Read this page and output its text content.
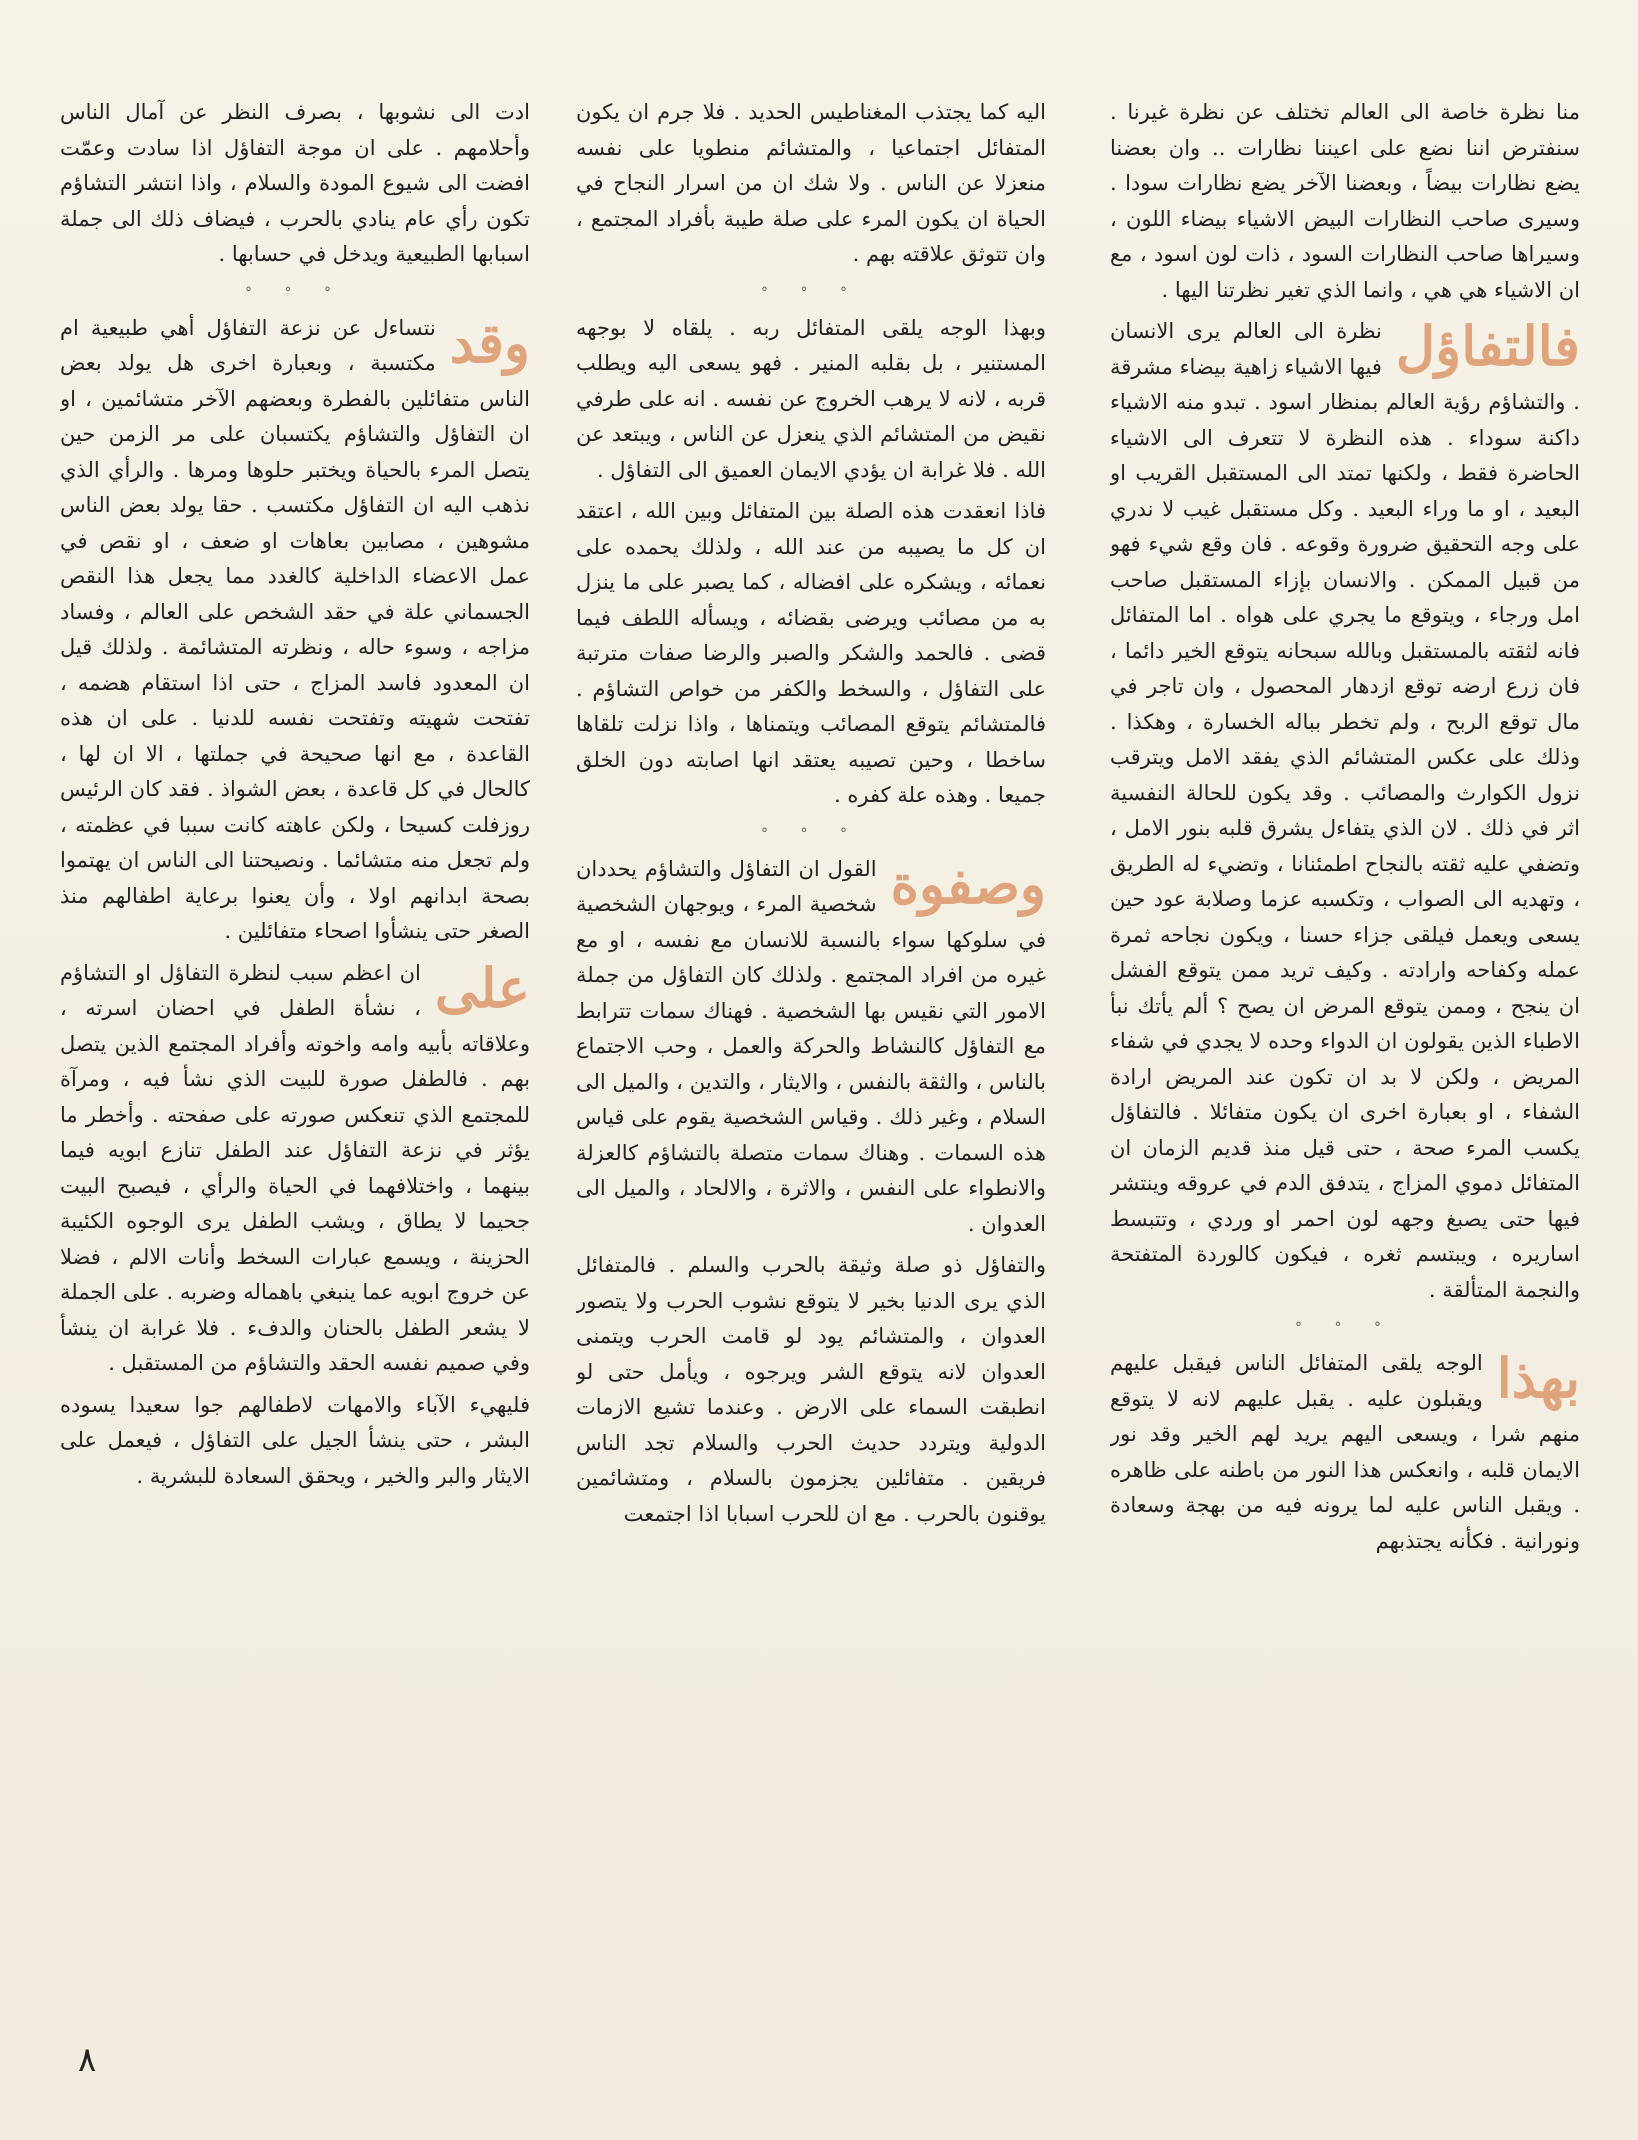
منا نظرة خاصة الى العالم تختلف عن نظرة غيرنا . سنفترض اننا نضع على اعيننا نظارات .. وان بعضنا يضع نظارات بيضاً ، وبعضنا الآخر يضع نظارات سودا . وسيرى صاحب النظارات البيض الاشياء بيضاء اللون ، وسيراها صاحب النظارات السود ، ذات لون اسود ، مع ان الاشياء هي هي ، وانما الذي تغير نظرتنا اليها .

فالتفاؤل
نظرة الى العالم يرى الانسان فيها الاشياء زاهية بيضاء مشرقة . والتشاؤم رؤية العالم بمنظار اسود . تبدو منه الاشياء داكنة سوداء . هذه النظرة لا تتعرف الى الاشياء الحاضرة فقط ، ولكنها تمتد الى المستقبل القريب او البعيد ، او ما وراء البعيد . وكل مستقبل غيب لا ندري على وجه التحقيق ضرورة وقوعه . فان وقع شيء فهو من قبيل الممكن . والانسان بإزاء المستقبل صاحب امل ورجاء ، ويتوقع ما يجري على هواه . اما المتفائل فانه لثقته بالمستقبل وبالله سبحانه يتوقع الخير دائما ، فان زرع ارضه توقع ازدهار المحصول ، وان تاجر في مال توقع الربح ، ولم تخطر بباله الخسارة ، وهكذا . وذلك على عكس المتشائم الذي يفقد الامل ويترقب نزول الكوارث والمصائب . وقد يكون للحالة النفسية اثر في ذلك . لان الذي يتفاءل يشرق قلبه بنور الامل ، وتضفي عليه ثقته بالنجاح اطمئنانا ، وتضيء له الطريق ، وتهديه الى الصواب ، وتكسبه عزما وصلابة عود حين يسعى ويعمل فيلقى جزاء حسنا ، ويكون نجاحه ثمرة عمله وكفاحه وارادته . وكيف تريد ممن يتوقع الفشل ان ينجح ، وممن يتوقع المرض ان يصح ؟ ألم يأتك نبأ الاطباء الذين يقولون ان الدواء وحده لا يجدي في شفاء المريض ، ولكن لا بد ان تكون عند المريض ارادة الشفاء ، او بعبارة اخرى ان يكون متفائلا . فالتفاؤل يكسب المرء صحة ، حتى قيل منذ قديم الزمان ان المتفائل دموي المزاج ، يتدفق الدم في عروقه وينتشر فيها حتى يصبغ وجهه لون احمر او وردي ، وتتبسط اساريره ، ويبتسم ثغره ، فيكون كالوردة المتفتحة والنجمة المتألقة .

° ° °

بهذا
الوجه يلقى المتفائل الناس فيقبل عليهم ويقبلون عليه . يقبل عليهم لانه لا يتوقع منهم شرا ، ويسعى اليهم يريد لهم الخير وقد نور الايمان قلبه ، وانعكس هذا النور من باطنه على ظاهره . ويقبل الناس عليه لما يرونه فيه من بهجة وسعادة ونورانية . فكأنه يجتذبهم

اليه كما يجتذب المغناطيس الحديد . فلا جرم ان يكون المتفائل اجتماعيا ، والمتشائم منطويا على نفسه منعزلا عن الناس . ولا شك ان من اسرار النجاح في الحياة ان يكون المرء على صلة طيبة بأفراد المجتمع ، وان تتوثق علاقته بهم .

° ° °

وبهذا الوجه يلقى المتفائل ربه . يلقاه لا بوجهه المستنير ، بل بقلبه المنير . فهو يسعى اليه ويطلب قربه ، لانه لا يرهب الخروج عن نفسه . انه على طرفي نقيض من المتشائم الذي ينعزل عن الناس ، ويبتعد عن الله . فلا غرابة ان يؤدي الايمان العميق الى التفاؤل .

فاذا انعقدت هذه الصلة بين المتفائل وبين الله ، اعتقد ان كل ما يصيبه من عند الله ، ولذلك يحمده على نعمائه ، ويشكره على افضاله ، كما يصبر على ما ينزل به من مصائب ويرضى بقضائه ، ويسأله اللطف فيما قضى . فالحمد والشكر والصبر والرضا صفات مترتبة على التفاؤل ، والسخط والكفر من خواص التشاؤم . فالمتشائم يتوقع المصائب ويتمناها ، واذا نزلت تلقاها ساخطا ، وحين تصيبه يعتقد انها اصابته دون الخلق جميعا . وهذه علة كفره .

° ° °

وصفوة
القول ان التفاؤل والتشاؤم يحددان شخصية المرء ، ويوجهان الشخصية في سلوكها سواء بالنسبة للانسان مع نفسه ، او مع غيره من افراد المجتمع . ولذلك كان التفاؤل من جملة الامور التي نقيس بها الشخصية . فهناك سمات تترابط مع التفاؤل كالنشاط والحركة والعمل ، وحب الاجتماع بالناس ، والثقة بالنفس ، والايثار ، والتدين ، والميل الى السلام ، وغير ذلك . وقياس الشخصية يقوم على قياس هذه السمات . وهناك سمات متصلة بالتشاؤم كالعزلة والانطواء على النفس ، والاثرة ، والالحاد ، والميل الى العدوان .

والتفاؤل ذو صلة وثيقة بالحرب والسلم . فالمتفائل الذي يرى الدنيا بخير لا يتوقع نشوب الحرب ولا يتصور العدوان ، والمتشائم يود لو قامت الحرب ويتمنى العدوان لانه يتوقع الشر ويرجوه ، ويأمل حتى لو انطبقت السماء على الارض . وعندما تشيع الازمات الدولية ويتردد حديث الحرب والسلام تجد الناس فريقين . متفائلين يجزمون بالسلام ، ومتشائمين يوقنون بالحرب . مع ان للحرب اسبابا اذا اجتمعت

ادت الى نشوبها ، بصرف النظر عن آمال الناس وأحلامهم . على ان موجة التفاؤل اذا سادت وعمّت افضت الى شيوع المودة والسلام ، واذا انتشر التشاؤم تكون رأي عام ينادي بالحرب ، فيضاف ذلك الى جملة اسبابها الطبيعية ويدخل في حسابها .

° ° °

وقد
نتساءل عن نزعة التفاؤل أهي طبيعية ام مكتسبة ، وبعبارة اخرى هل يولد بعض الناس متفائلين بالفطرة وبعضهم الآخر متشائمين ، او ان التفاؤل والتشاؤم يكتسبان على مر الزمن حين يتصل المرء بالحياة ويختبر حلوها ومرها . والرأي الذي نذهب اليه ان التفاؤل مكتسب . حقا يولد بعض الناس مشوهين ، مصابين بعاهات او ضعف ، او نقص في عمل الاعضاء الداخلية كالغدد مما يجعل هذا النقص الجسماني علة في حقد الشخص على العالم ، وفساد مزاجه ، وسوء حاله ، ونظرته المتشائمة . ولذلك قيل ان المعدود فاسد المزاج ، حتى اذا استقام هضمه ، تفتحت شهيته وتفتحت نفسه للدنيا . على ان هذه القاعدة ، مع انها صحيحة في جملتها ، الا ان لها ، كالحال في كل قاعدة ، بعض الشواذ . فقد كان الرئيس روزفلت كسيحا ، ولكن عاهته كانت سببا في عظمته ، ولم تجعل منه متشائما . ونصيحتنا الى الناس ان يهتموا بصحة ابدانهم اولا ، وأن يعنوا برعاية اطفالهم منذ الصغر حتى ينشأوا اصحاء متفائلين .

على
ان اعظم سبب لنظرة التفاؤل او التشاؤم ، نشأة الطفل في احضان اسرته ، وعلاقاته بأبيه وامه واخوته وأفراد المجتمع الذين يتصل بهم . فالطفل صورة للبيت الذي نشأ فيه ، ومرآة للمجتمع الذي تنعكس صورته على صفحته . وأخطر ما يؤثر في نزعة التفاؤل عند الطفل تنازع ابويه فيما بينهما ، واختلافهما في الحياة والرأي ، فيصبح البيت جحيما لا يطاق ، ويشب الطفل يرى الوجوه الكئيبة الحزينة ، ويسمع عبارات السخط وأنات الالم ، فضلا عن خروج ابويه عما ينبغي باهماله وضربه . على الجملة لا يشعر الطفل بالحنان والدفء . فلا غرابة ان ينشأ وفي صميم نفسه الحقد والتشاؤم من المستقبل .

فليهيء الآباء والامهات لاطفالهم جوا سعيدا يسوده البشر ، حتى ينشأ الجيل على التفاؤل ، فيعمل على الايثار والبر والخير ، ويحقق السعادة للبشرية .

٨
